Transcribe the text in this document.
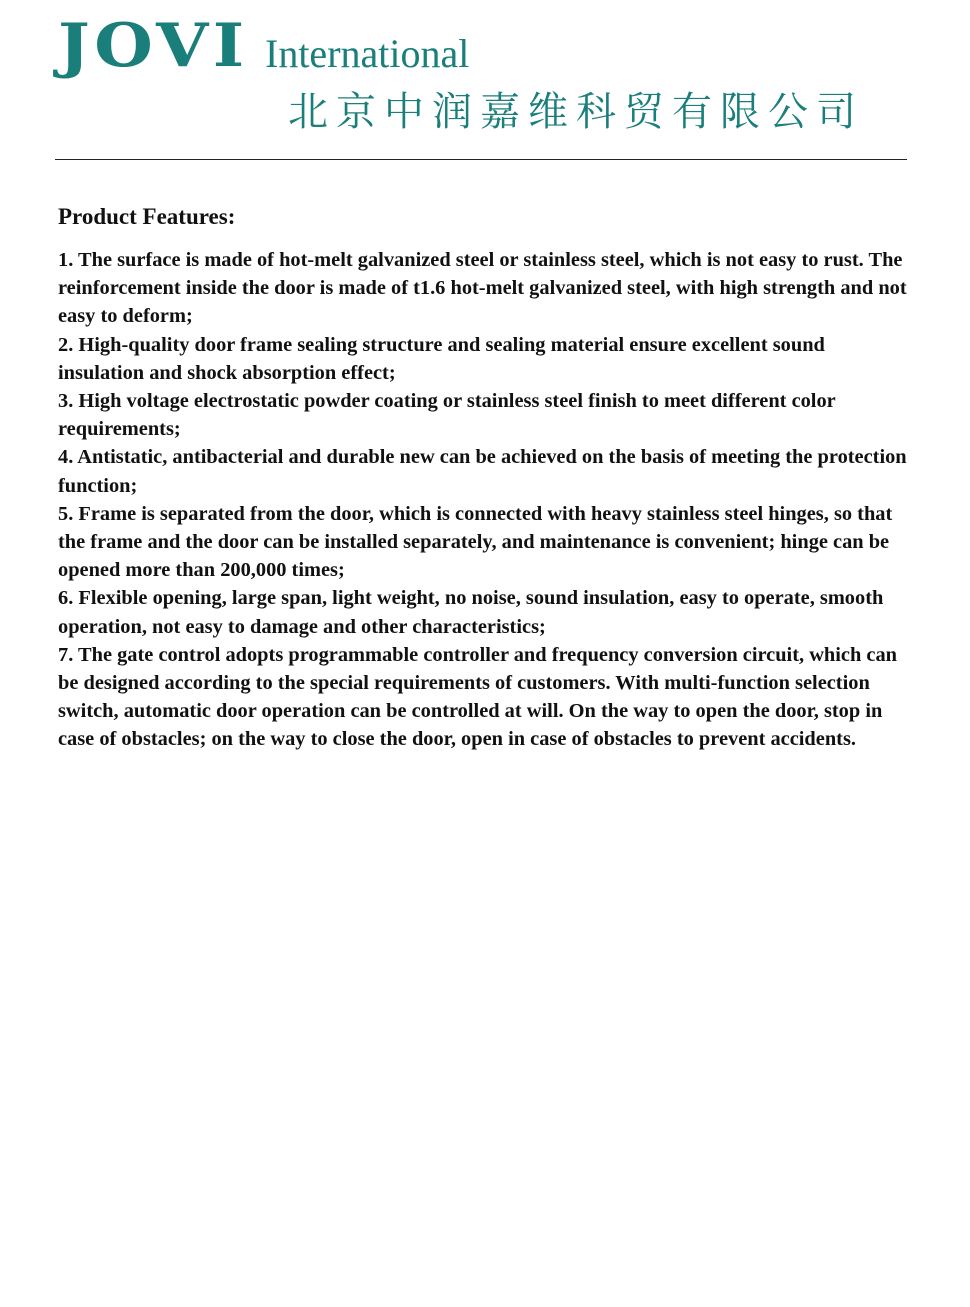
JOVI International
北京中润嘉维科贸有限公司
Product Features:

1. The surface is made of hot-melt galvanized steel or stainless steel, which is not easy to rust. The reinforcement inside the door is made of t1.6 hot-melt galvanized steel, with high strength and not easy to deform;

2. High-quality door frame sealing structure and sealing material ensure excellent sound insulation and shock absorption effect;

3. High voltage electrostatic powder coating or stainless steel finish to meet different color requirements;

4. Antistatic, antibacterial and durable new can be achieved on the basis of meeting the protection function;

5. Frame is separated from the door, which is connected with heavy stainless steel hinges, so that the frame and the door can be installed separately, and maintenance is convenient; hinge can be opened more than 200,000 times;

6. Flexible opening, large span, light weight, no noise, sound insulation, easy to operate, smooth operation, not easy to damage and other characteristics;

7. The gate control adopts programmable controller and frequency conversion circuit, which can be designed according to the special requirements of customers. With multi-function selection switch, automatic door operation can be controlled at will. On the way to open the door, stop in case of obstacles; on the way to close the door, open in case of obstacles to prevent accidents.
